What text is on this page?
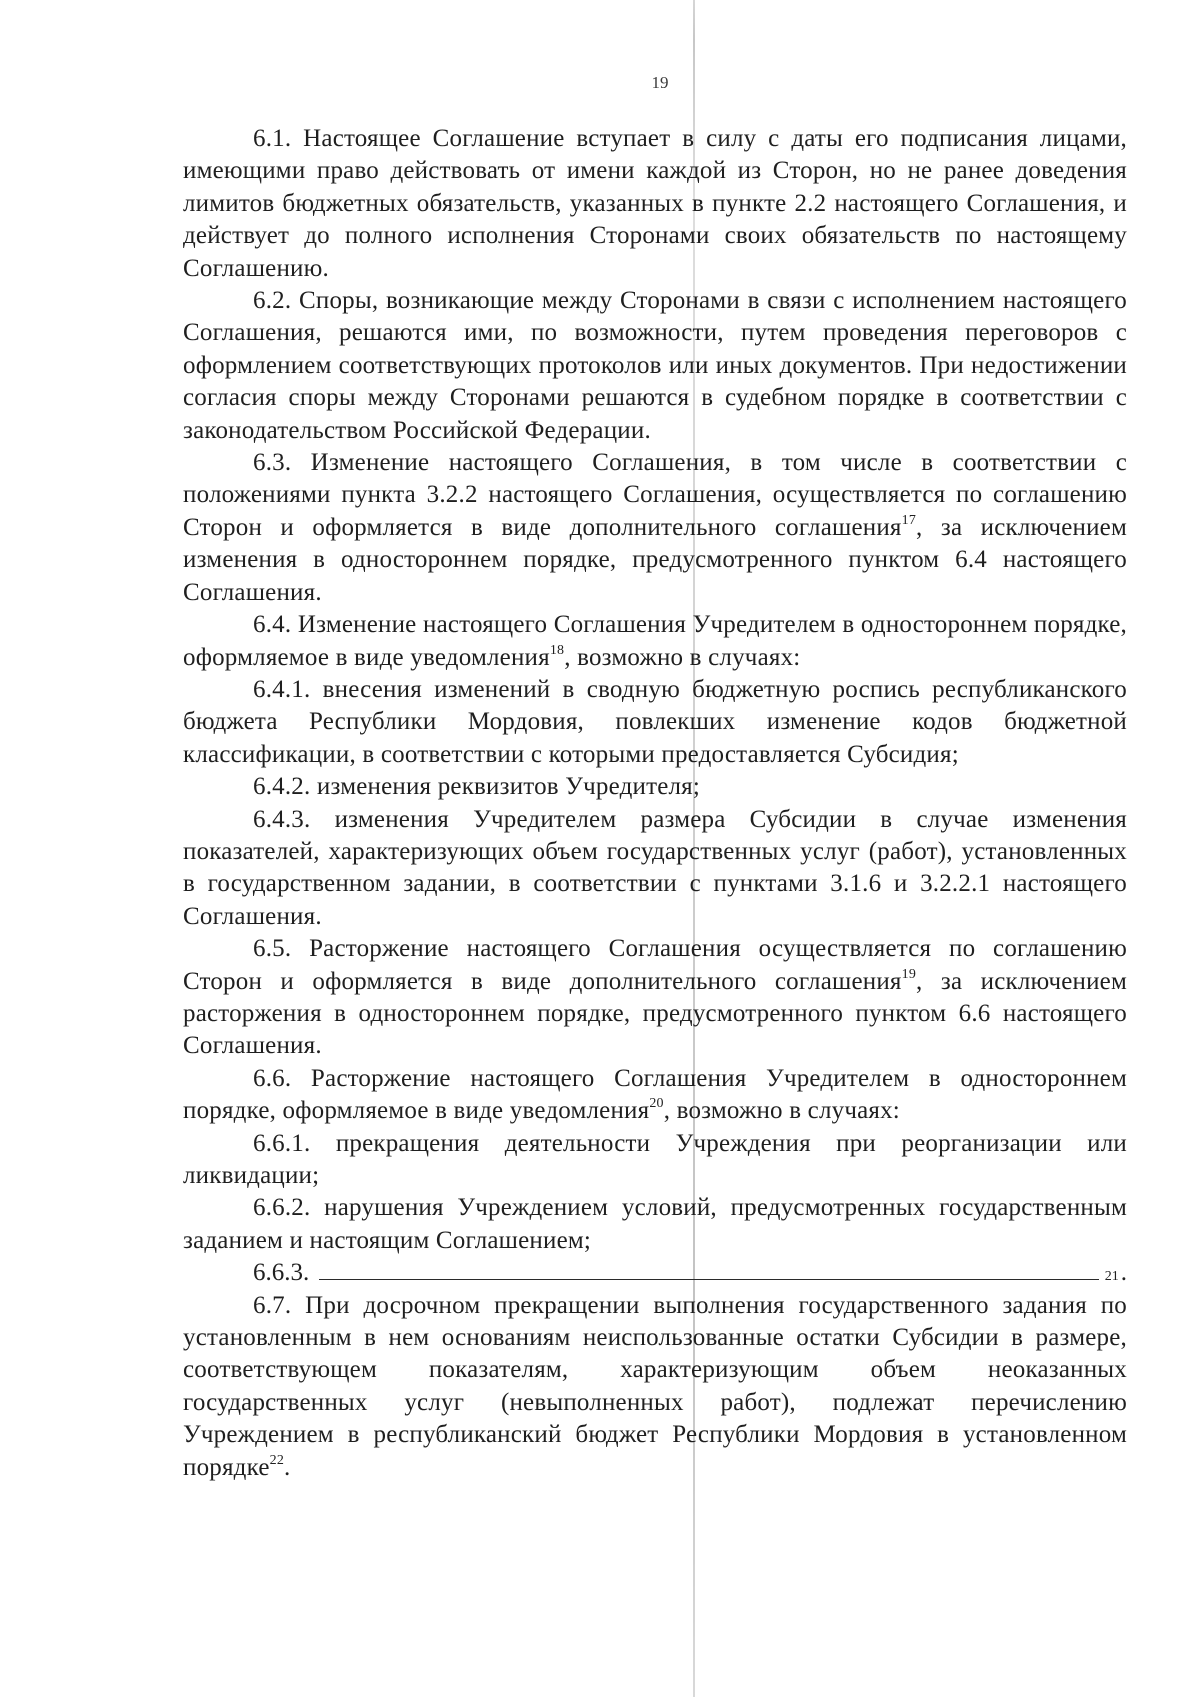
19

6.1. Настоящее Соглашение вступает в силу с даты его подписания лицами, имеющими право действовать от имени каждой из Сторон, но не ранее доведения лимитов бюджетных обязательств, указанных в пункте 2.2 настоящего Соглашения, и действует до полного исполнения Сторонами своих обязательств по настоящему Соглашению.

6.2. Споры, возникающие между Сторонами в связи с исполнением настоящего Соглашения, решаются ими, по возможности, путем проведения переговоров с оформлением соответствующих протоколов или иных документов. При недостижении согласия споры между Сторонами решаются в судебном порядке в соответствии с законодательством Российской Федерации.

6.3. Изменение настоящего Соглашения, в том числе в соответствии с положениями пункта 3.2.2 настоящего Соглашения, осуществляется по соглашению Сторон и оформляется в виде дополнительного соглашения$^{17}$, за исключением изменения в одностороннем порядке, предусмотренного пунктом 6.4 настоящего Соглашения.

6.4. Изменение настоящего Соглашения Учредителем в одностороннем порядке, оформляемое в виде уведомления$^{18}$, возможно в случаях:

6.4.1. внесения изменений в сводную бюджетную роспись республиканского бюджета Республики Мордовия, повлекших изменение кодов бюджетной классификации, в соответствии с которыми предоставляется Субсидия;

6.4.2. изменения реквизитов Учредителя;

6.4.3. изменения Учредителем размера Субсидии в случае изменения показателей, характеризующих объем государственных услуг (работ), установленных в государственном задании, в соответствии с пунктами 3.1.6 и 3.2.2.1 настоящего Соглашения.

6.5. Расторжение настоящего Соглашения осуществляется по соглашению Сторон и оформляется в виде дополнительного соглашения$^{19}$, за исключением расторжения в одностороннем порядке, предусмотренного пунктом 6.6 настоящего Соглашения.

6.6. Расторжение настоящего Соглашения Учредителем в одностороннем порядке, оформляемое в виде уведомления$^{20}$, возможно в случаях:

6.6.1. прекращения деятельности Учреждения при реорганизации или ликвидации;

6.6.2. нарушения Учреждением условий, предусмотренных государственным заданием и настоящим Соглашением;

6.6.3.	21 .

6.7. При досрочном прекращении выполнения государственного задания по установленным в нем основаниям неиспользованные остатки Субсидии в размере, соответствующем показателям, характеризующим объем неоказанных государственных услуг (невыполненных работ), подлежат перечислению Учреждением в республиканский бюджет Республики Мордовия в установленном порядке$^{22}$.
